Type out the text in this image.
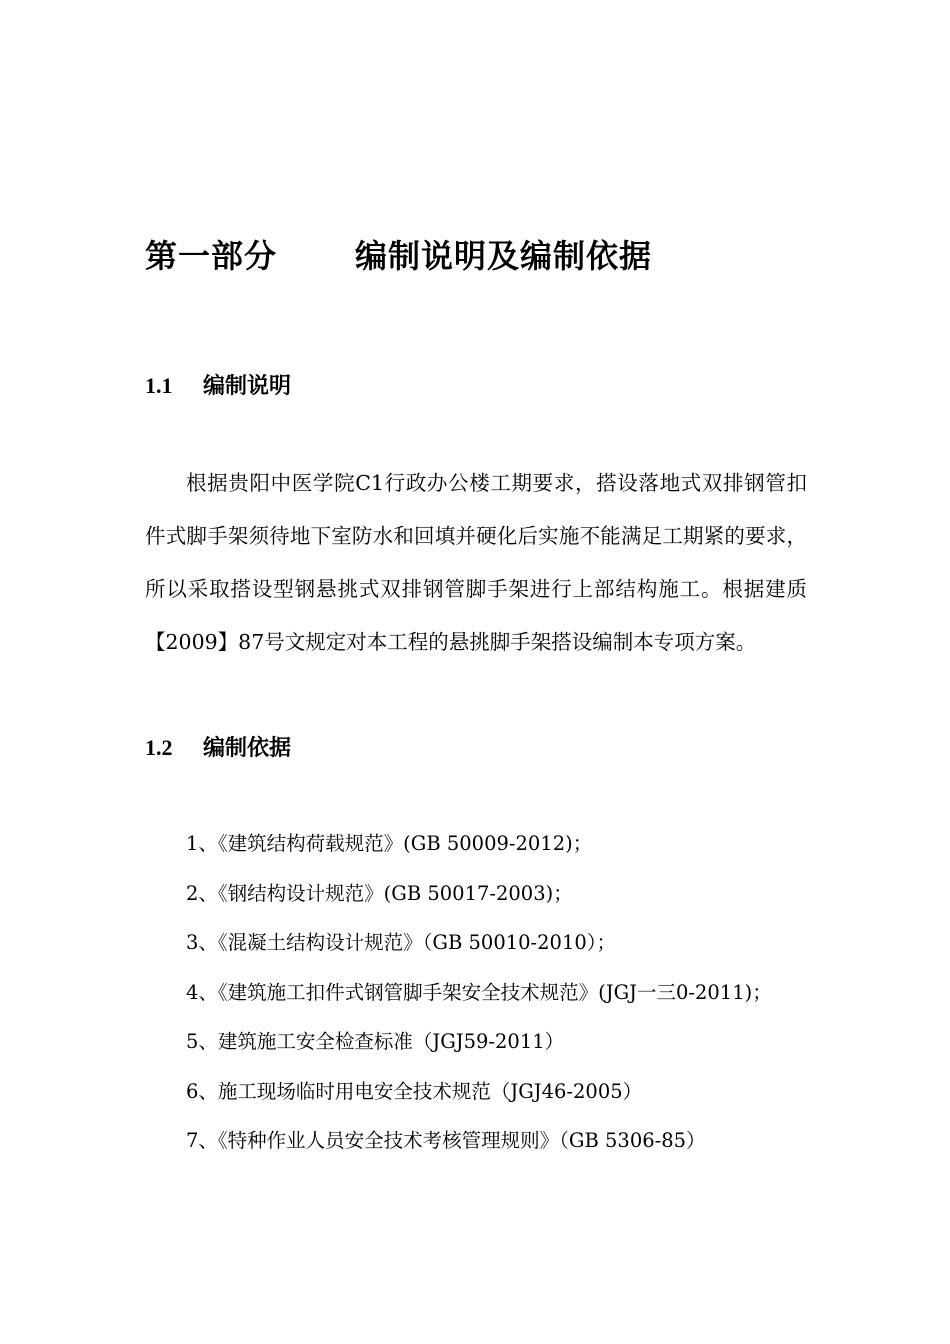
第一部分 编制说明及编制依据
1.1 编制说明

根据贵阳中医学院C1行政办公楼工期要求，搭设落地式双排钢管扣件式脚手架须待地下室防水和回填并硬化后实施不能满足工期紧的要求，所以采取搭设型钢悬挑式双排钢管脚手架进行上部结构施工。根据建质【2009】87号文规定对本工程的悬挑脚手架搭设编制本专项方案。

1.2 编制依据
1、《建筑结构荷载规范》(GB 50009-2012)；
2、《钢结构设计规范》(GB 50017-2003)；
3、《混凝土结构设计规范》（GB 50010-2010）；
4、《建筑施工扣件式钢管脚手架安全技术规范》(JGJ一三0-2011)；
5、建筑施工安全检查标准（JGJ59-2011）
6、施工现场临时用电安全技术规范（JGJ46-2005）
7、《特种作业人员安全技术考核管理规则》（GB 5306-85）
